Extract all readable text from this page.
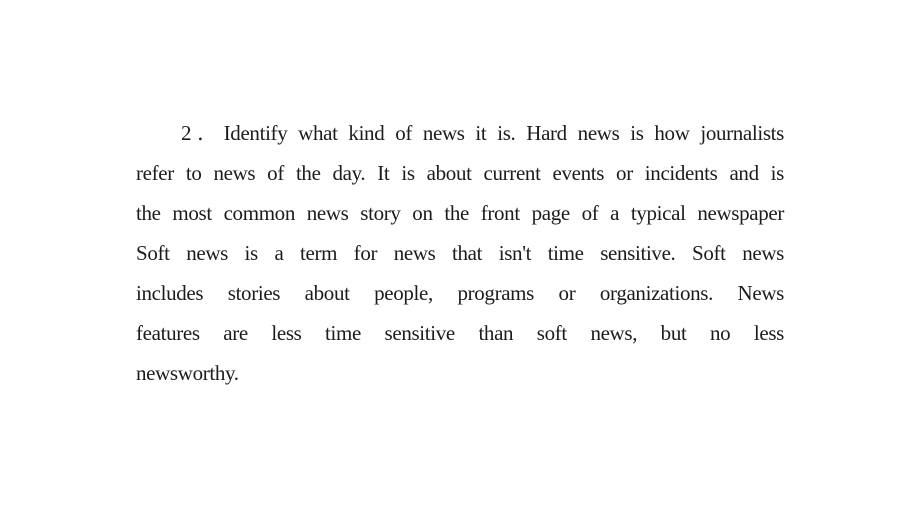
2．Identify what kind of news it is. Hard news is how journalists
refer to news of the day. It is about current events or incidents and is
the most common news story on the front page of a typical newspaper
Soft news is a term for news that isn't time sensitive. Soft news
includes stories about people, programs or organizations. News
features are less time sensitive than soft news, but no less
newsworthy.
